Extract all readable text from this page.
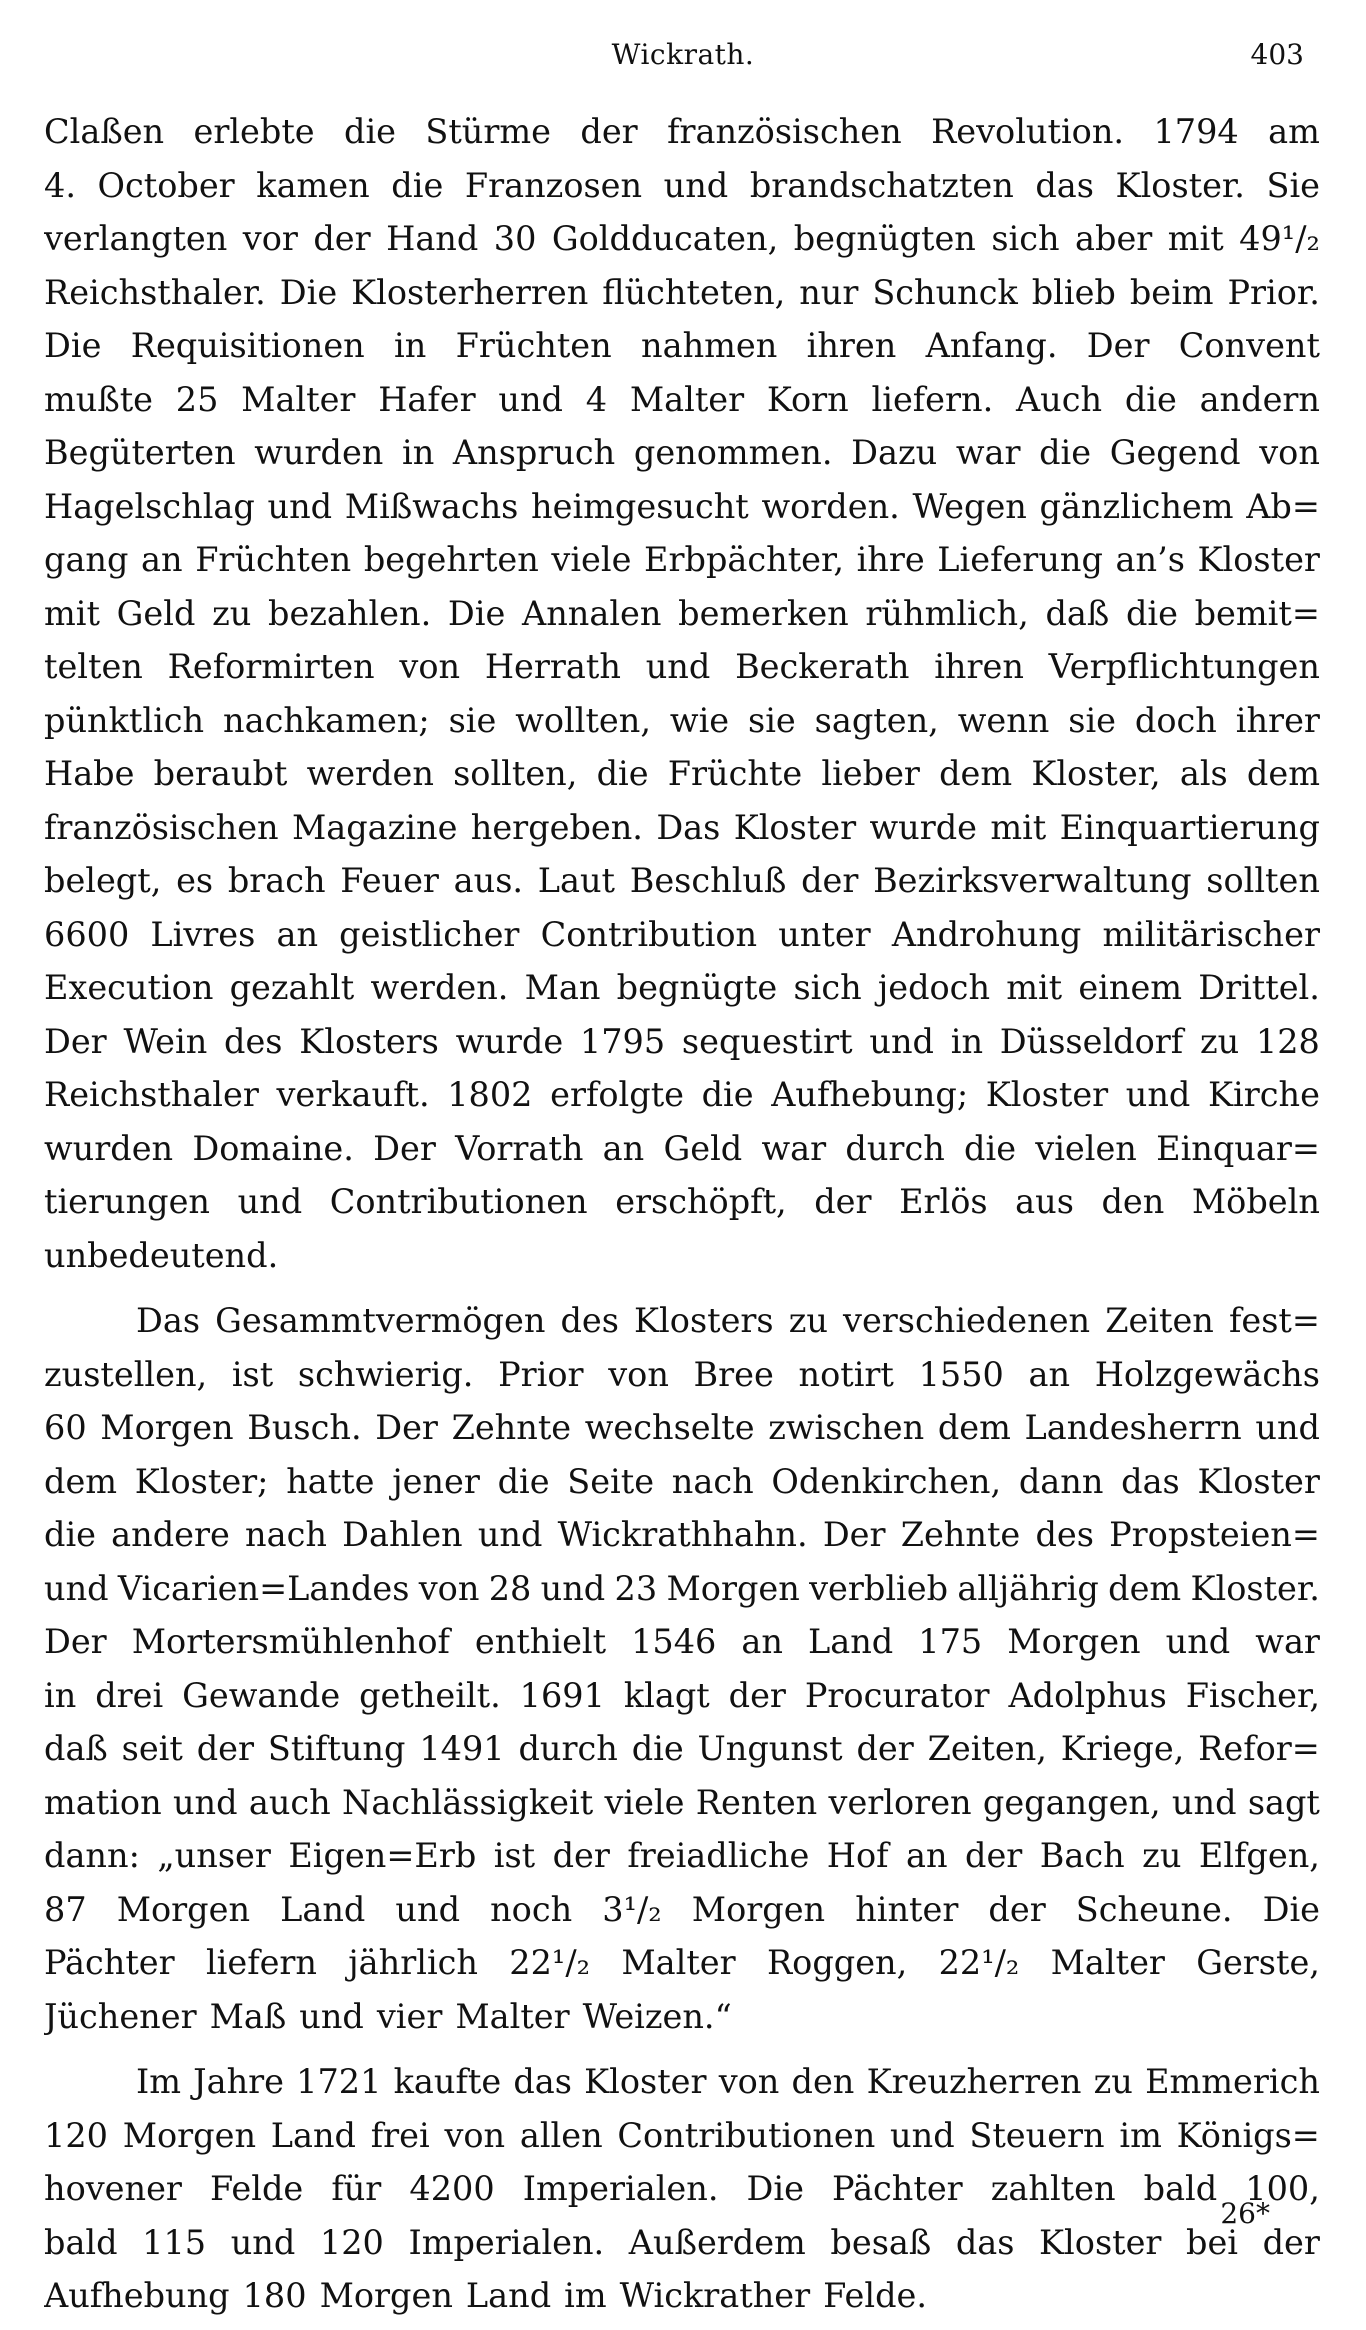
Wickrath.	403
Claßen erlebte die Stürme der französischen Revolution. 1794 am
4. October kamen die Franzosen und brandschatzten das Kloster. Sie
verlangten vor der Hand 30 Goldducaten, begnügten sich aber mit 49¹/₂
Reichsthaler. Die Klosterherren flüchteten, nur Schunck blieb beim Prior.
Die Requisitionen in Früchten nahmen ihren Anfang. Der Convent
mußte 25 Malter Hafer und 4 Malter Korn liefern. Auch die andern
Begüterten wurden in Anspruch genommen. Dazu war die Gegend von
Hagelschlag und Mißwachs heimgesucht worden. Wegen gänzlichem Ab=
gang an Früchten begehrten viele Erbpächter, ihre Lieferung an’s Kloster
mit Geld zu bezahlen. Die Annalen bemerken rühmlich, daß die bemit=
telten Reformirten von Herrath und Beckerath ihren Verpflichtungen
pünktlich nachkamen; sie wollten, wie sie sagten, wenn sie doch ihrer
Habe beraubt werden sollten, die Früchte lieber dem Kloster, als dem
französischen Magazine hergeben. Das Kloster wurde mit Einquartierung
belegt, es brach Feuer aus. Laut Beschluß der Bezirksverwaltung sollten
6600 Livres an geistlicher Contribution unter Androhung militärischer
Execution gezahlt werden. Man begnügte sich jedoch mit einem Drittel.
Der Wein des Klosters wurde 1795 sequestirt und in Düsseldorf zu 128
Reichsthaler verkauft. 1802 erfolgte die Aufhebung; Kloster und Kirche
wurden Domaine. Der Vorrath an Geld war durch die vielen Einquar=
tierungen und Contributionen erschöpft, der Erlös aus den Möbeln
unbedeutend.
Das Gesammtvermögen des Klosters zu verschiedenen Zeiten fest=
zustellen, ist schwierig. Prior von Bree notirt 1550 an Holzgewächs
60 Morgen Busch. Der Zehnte wechselte zwischen dem Landesherrn und
dem Kloster; hatte jener die Seite nach Odenkirchen, dann das Kloster
die andere nach Dahlen und Wickrathhahn. Der Zehnte des Propsteien=
und Vicarien=Landes von 28 und 23 Morgen verblieb alljährig dem Kloster.
Der Mortersmühlenhof enthielt 1546 an Land 175 Morgen und war
in drei Gewande getheilt. 1691 klagt der Procurator Adolphus Fischer,
daß seit der Stiftung 1491 durch die Ungunst der Zeiten, Kriege, Refor=
mation und auch Nachlässigkeit viele Renten verloren gegangen, und sagt
dann: „unser Eigen=Erb ist der freiadliche Hof an der Bach zu Elfgen,
87 Morgen Land und noch 3¹/₂ Morgen hinter der Scheune. Die
Pächter liefern jährlich 22¹/₂ Malter Roggen, 22¹/₂ Malter Gerste,
Jüchener Maß und vier Malter Weizen.“
Im Jahre 1721 kaufte das Kloster von den Kreuzherren zu Emmerich
120 Morgen Land frei von allen Contributionen und Steuern im Königs=
hovener Felde für 4200 Imperialen. Die Pächter zahlten bald 100,
bald 115 und 120 Imperialen. Außerdem besaß das Kloster bei der
Aufhebung 180 Morgen Land im Wickrather Felde.
26*
